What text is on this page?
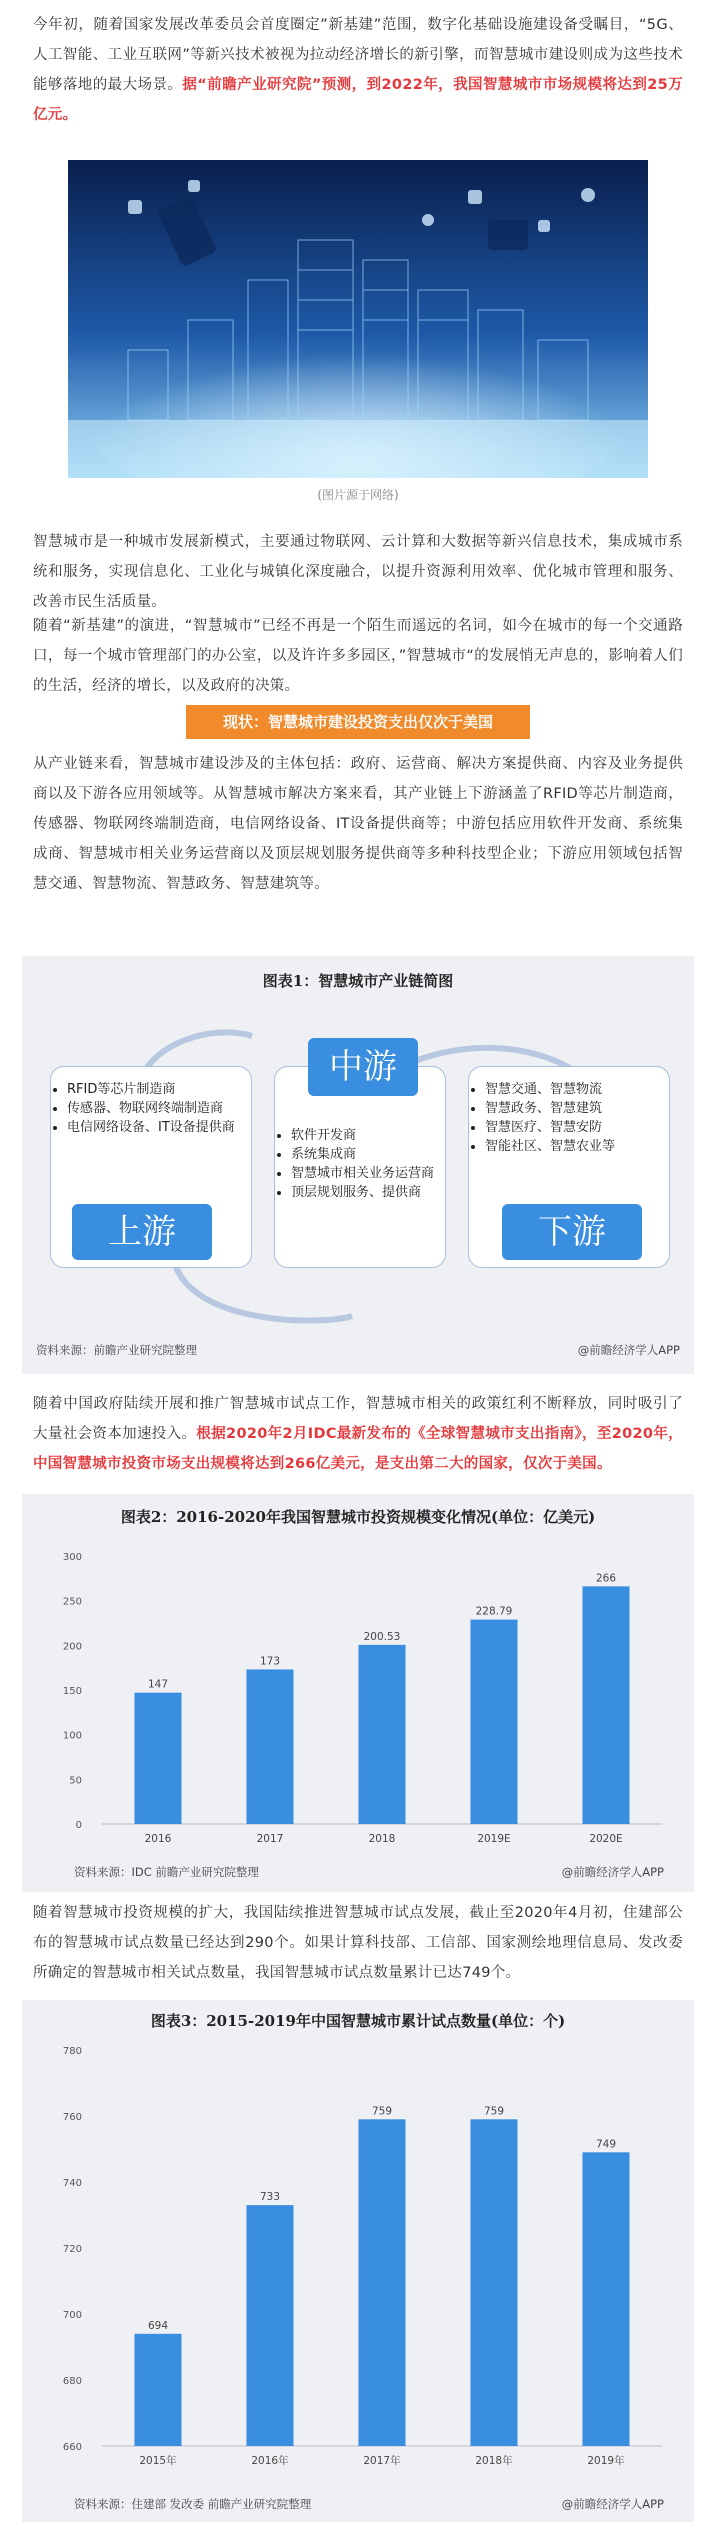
今年初，随着国家发展改革委员会首度圈定”新基建”范围，数字化基础设施建设备受瞩目，“5G、人工智能、工业互联网”等新兴技术被视为拉动经济增长的新引擎，而智慧城市建设则成为这些技术能够落地的最大场景。据“前瞻产业研究院”预测，到2022年，我国智慧城市市场规模将达到25万亿元。
(图片源于网络)
智慧城市是一种城市发展新模式，主要通过物联网、云计算和大数据等新兴信息技术，集成城市系统和服务，实现信息化、工业化与城镇化深度融合，以提升资源利用效率、优化城市管理和服务、改善市民生活质量。
随着“新基建”的演进，“智慧城市”已经不再是一个陌生而遥远的名词，如今在城市的每一个交通路口，每一个城市管理部门的办公室，以及许许多多园区，”智慧城市“的发展悄无声息的，影响着人们的生活，经济的增长，以及政府的决策。
现状：智慧城市建设投资支出仅次于美国
从产业链来看，智慧城市建设涉及的主体包括：政府、运营商、解决方案提供商、内容及业务提供商以及下游各应用领域等。从智慧城市解决方案来看，其产业链上下游涵盖了RFID等芯片制造商，传感器、物联网终端制造商，电信网络设备、IT设备提供商等；中游包括应用软件开发商、系统集成商、智慧城市相关业务运营商以及顶层规划服务提供商等多种科技型企业；下游应用领域包括智慧交通、智慧物流、智慧政务、智慧建筑等。
图表1：智慧城市产业链简图
• RFID等芯片制造商
• 传感器、物联网终端制造商
• 电信网络设备、IT设备提供商
上游
• 软件开发商
• 系统集成商
• 智慧城市相关业务运营商
• 顶层规划服务、提供商
中游
• 智慧交通、智慧物流
• 智慧政务、智慧建筑
• 智慧医疗、智慧安防
• 智能社区、智慧农业等
下游
资料来源：前瞻产业研究院整理	@前瞻经济学人APP
随着中国政府陆续开展和推广智慧城市试点工作，智慧城市相关的政策红利不断释放，同时吸引了大量社会资本加速投入。根据2020年2月IDC最新发布的《全球智慧城市支出指南》，至2020年，中国智慧城市投资市场支出规模将达到266亿美元，是支出第二大的国家，仅次于美国。
图表2：2016-2020年我国智慧城市投资规模变化情况(单位：亿美元)
0
50
100
150
200
250
300
147
2016
173
2017
200.53
2018
228.79
2019E
266
2020E
资料来源：IDC 前瞻产业研究院整理	@前瞻经济学人APP
随着智慧城市投资规模的扩大，我国陆续推进智慧城市试点发展，截止至2020年4月初，住建部公布的智慧城市试点数量已经达到290个。如果计算科技部、工信部、国家测绘地理信息局、发改委所确定的智慧城市相关试点数量，我国智慧城市试点数量累计已达749个。
图表3：2015-2019年中国智慧城市累计试点数量(单位：个)
660
680
700
720
740
760
780
694
2015年
733
2016年
759
2017年
759
2018年
749
2019年
资料来源：住建部 发改委 前瞻产业研究院整理	@前瞻经济学人APP
